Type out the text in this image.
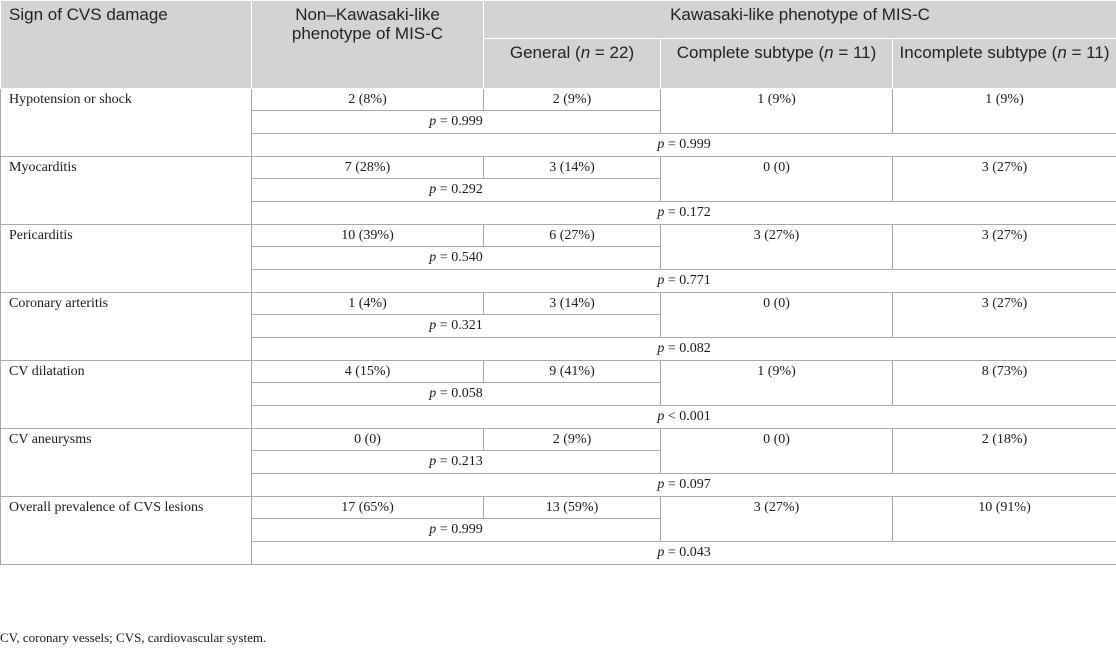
Sign of CVS damage	Non–Kawasaki-like phenotype of MIS-C	Kawasaki-like phenotype of MIS-C		
		General (n = 22)	Complete subtype (n = 11)	Incomplete subtype (n = 11)
Hypotension or shock	2 (8%)	2 (9%)	1 (9%)	1 (9%)
	p = 0.999			
	p = 0.999			
Myocarditis	7 (28%)	3 (14%)	0 (0)	3 (27%)
	p = 0.292			
	p = 0.172			
Pericarditis	10 (39%)	6 (27%)	3 (27%)	3 (27%)
	p = 0.540			
	p = 0.771			
Coronary arteritis	1 (4%)	3 (14%)	0 (0)	3 (27%)
	p = 0.321			
	p = 0.082			
CV dilatation	4 (15%)	9 (41%)	1 (9%)	8 (73%)
	p = 0.058			
	p < 0.001			
CV aneurysms	0 (0)	2 (9%)	0 (0)	2 (18%)
	p = 0.213			
	p = 0.097			
Overall prevalence of CVS lesions	17 (65%)	13 (59%)	3 (27%)	10 (91%)
	p = 0.999			
	p = 0.043			
CV, coronary vessels; CVS, cardiovascular system.
